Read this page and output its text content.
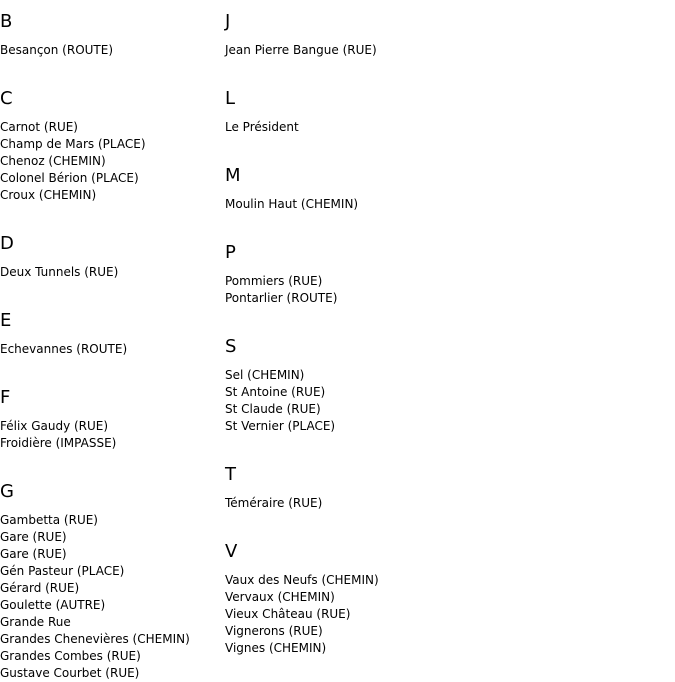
B
Besançon (ROUTE)
C
Carnot (RUE)
Champ de Mars (PLACE)
Chenoz (CHEMIN)
Colonel Bérion (PLACE)
Croux (CHEMIN)
D
Deux Tunnels (RUE)
E
Echevannes (ROUTE)
F
Félix Gaudy (RUE)
Froidière (IMPASSE)
G
Gambetta (RUE)
Gare (RUE)
Gare (RUE)
Gén Pasteur (PLACE)
Gérard (RUE)
Goulette (AUTRE)
Grande Rue
Grandes Chenevières (CHEMIN)
Grandes Combes (RUE)
Gustave Courbet (RUE)
J
Jean Pierre Bangue (RUE)
L
Le Président
M
Moulin Haut (CHEMIN)
P
Pommiers (RUE)
Pontarlier (ROUTE)
S
Sel (CHEMIN)
St Antoine (RUE)
St Claude (RUE)
St Vernier (PLACE)
T
Téméraire (RUE)
V
Vaux des Neufs (CHEMIN)
Vervaux (CHEMIN)
Vieux Château (RUE)
Vignerons (RUE)
Vignes (CHEMIN)
